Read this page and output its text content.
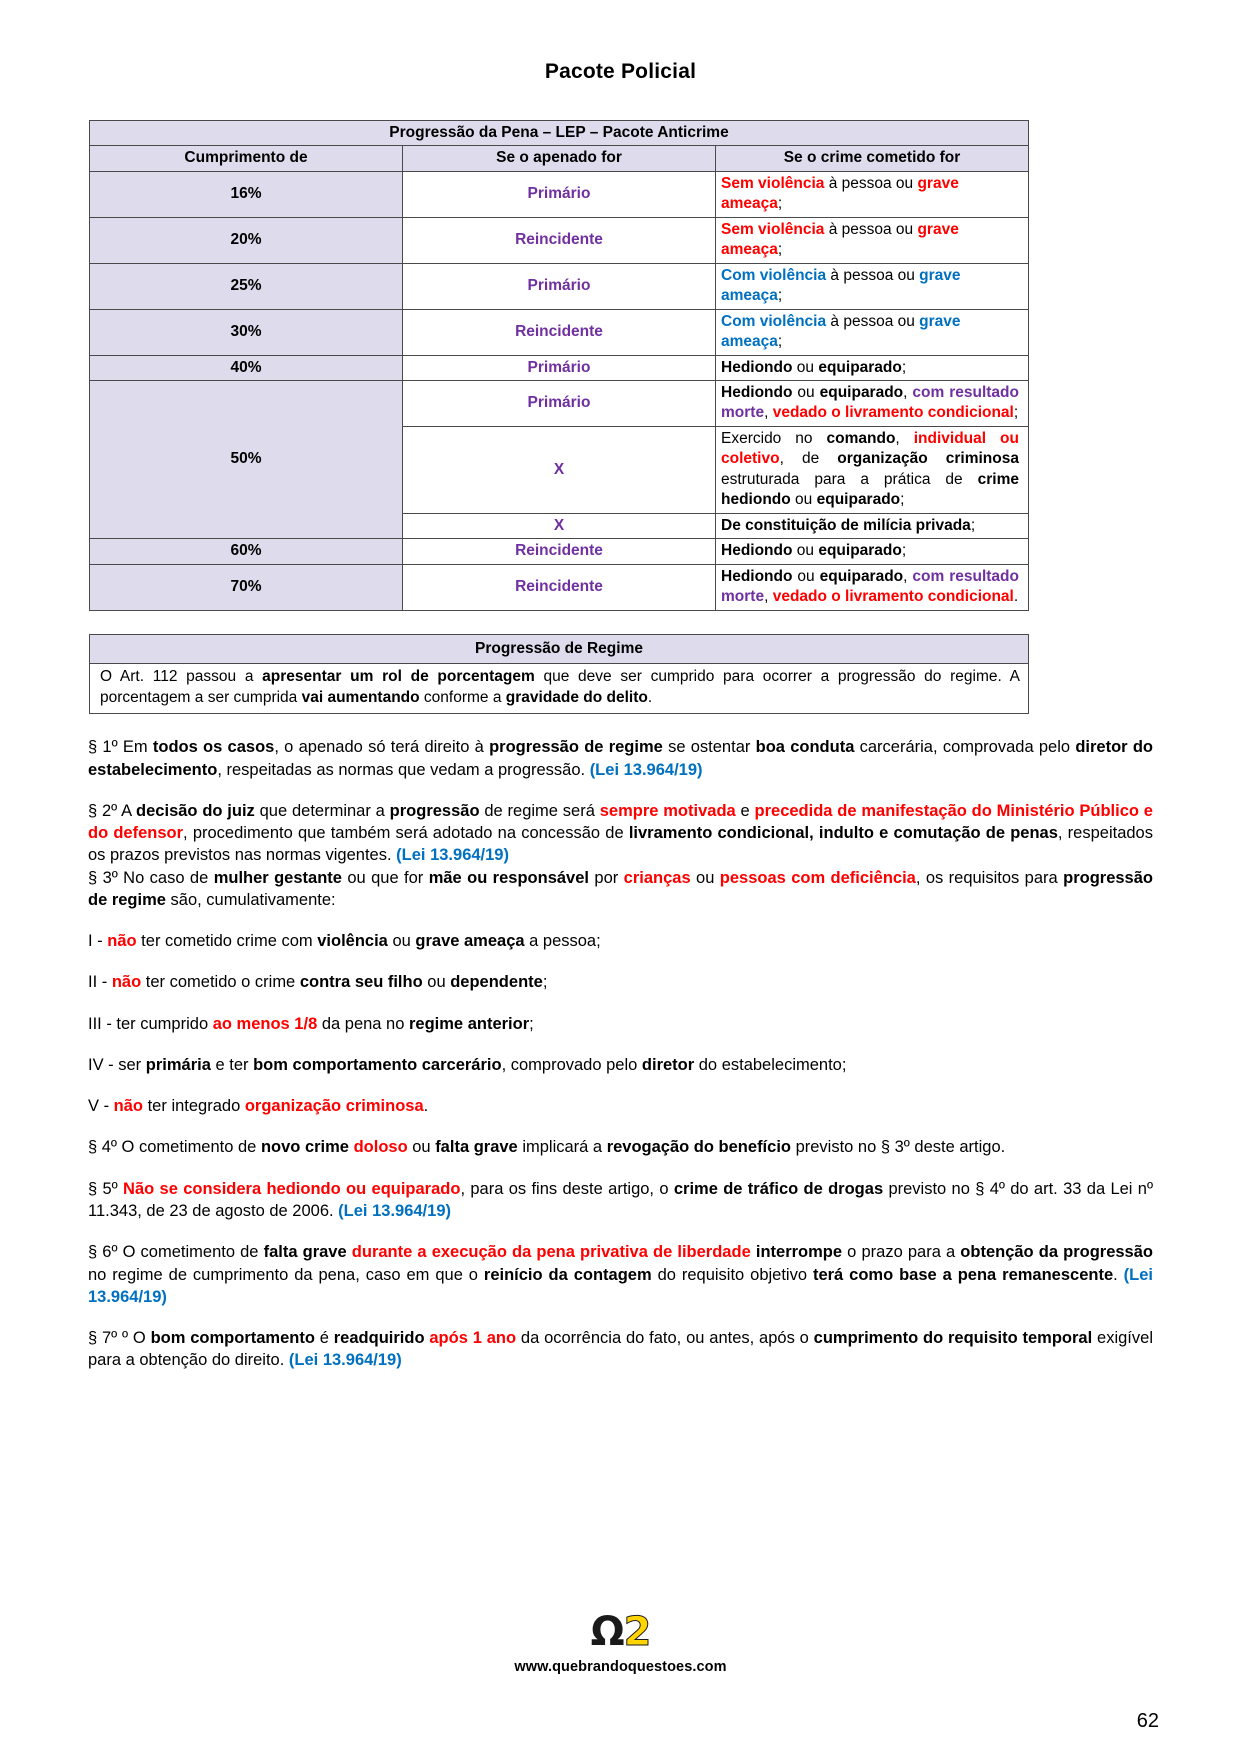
Pacote Policial
Progressão da Pena – LEP – Pacote Anticrime		
Cumprimento de	Se o apenado for	Se o crime cometido for
16%	Primário	Sem violência à pessoa ou grave ameaça;
20%	Reincidente	Sem violência à pessoa ou grave ameaça;
25%	Primário	Com violência à pessoa ou grave ameaça;
30%	Reincidente	Com violência à pessoa ou grave ameaça;
40%	Primário	Hediondo ou equiparado;
50%	Primário	Hediondo ou equiparado, com resultado morte, vedado o livramento condicional;
	X	Exercido no comando, individual ou coletivo, de organização criminosa estruturada para a prática de crime hediondo ou equiparado;
	X	De constituição de milícia privada;
60%	Reincidente	Hediondo ou equiparado;
70%	Reincidente	Hediondo ou equiparado, com resultado morte, vedado o livramento condicional.
Progressão de Regime
O Art. 112 passou a apresentar um rol de porcentagem que deve ser cumprido para ocorrer a progressão do regime. A porcentagem a ser cumprida vai aumentando conforme a gravidade do delito.

§ 1º Em todos os casos, o apenado só terá direito à progressão de regime se ostentar boa conduta carcerária, comprovada pelo diretor do estabelecimento, respeitadas as normas que vedam a progressão. (Lei 13.964/19)

§ 2º A decisão do juiz que determinar a progressão de regime será sempre motivada e precedida de manifestação do Ministério Público e do defensor, procedimento que também será adotado na concessão de livramento condicional, indulto e comutação de penas, respeitados os prazos previstos nas normas vigentes. (Lei 13.964/19)

§ 3º No caso de mulher gestante ou que for mãe ou responsável por crianças ou pessoas com deficiência, os requisitos para progressão de regime são, cumulativamente:

I - não ter cometido crime com violência ou grave ameaça a pessoa;

II - não ter cometido o crime contra seu filho ou dependente;

III - ter cumprido ao menos 1/8 da pena no regime anterior;

IV - ser primária e ter bom comportamento carcerário, comprovado pelo diretor do estabelecimento;

V - não ter integrado organização criminosa.

§ 4º O cometimento de novo crime doloso ou falta grave implicará a revogação do benefício previsto no § 3º deste artigo.

§ 5º Não se considera hediondo ou equiparado, para os fins deste artigo, o crime de tráfico de drogas previsto no § 4º do art. 33 da Lei nº 11.343, de 23 de agosto de 2006. (Lei 13.964/19)

§ 6º O cometimento de falta grave durante a execução da pena privativa de liberdade interrompe o prazo para a obtenção da progressão no regime de cumprimento da pena, caso em que o reinício da contagem do requisito objetivo terá como base a pena remanescente. (Lei 13.964/19)

§ 7º º O bom comportamento é readquirido após 1 ano da ocorrência do fato, ou antes, após o cumprimento do requisito temporal exigível para a obtenção do direito. (Lei 13.964/19)

Ω2
www.quebrandoquestoes.com
62
